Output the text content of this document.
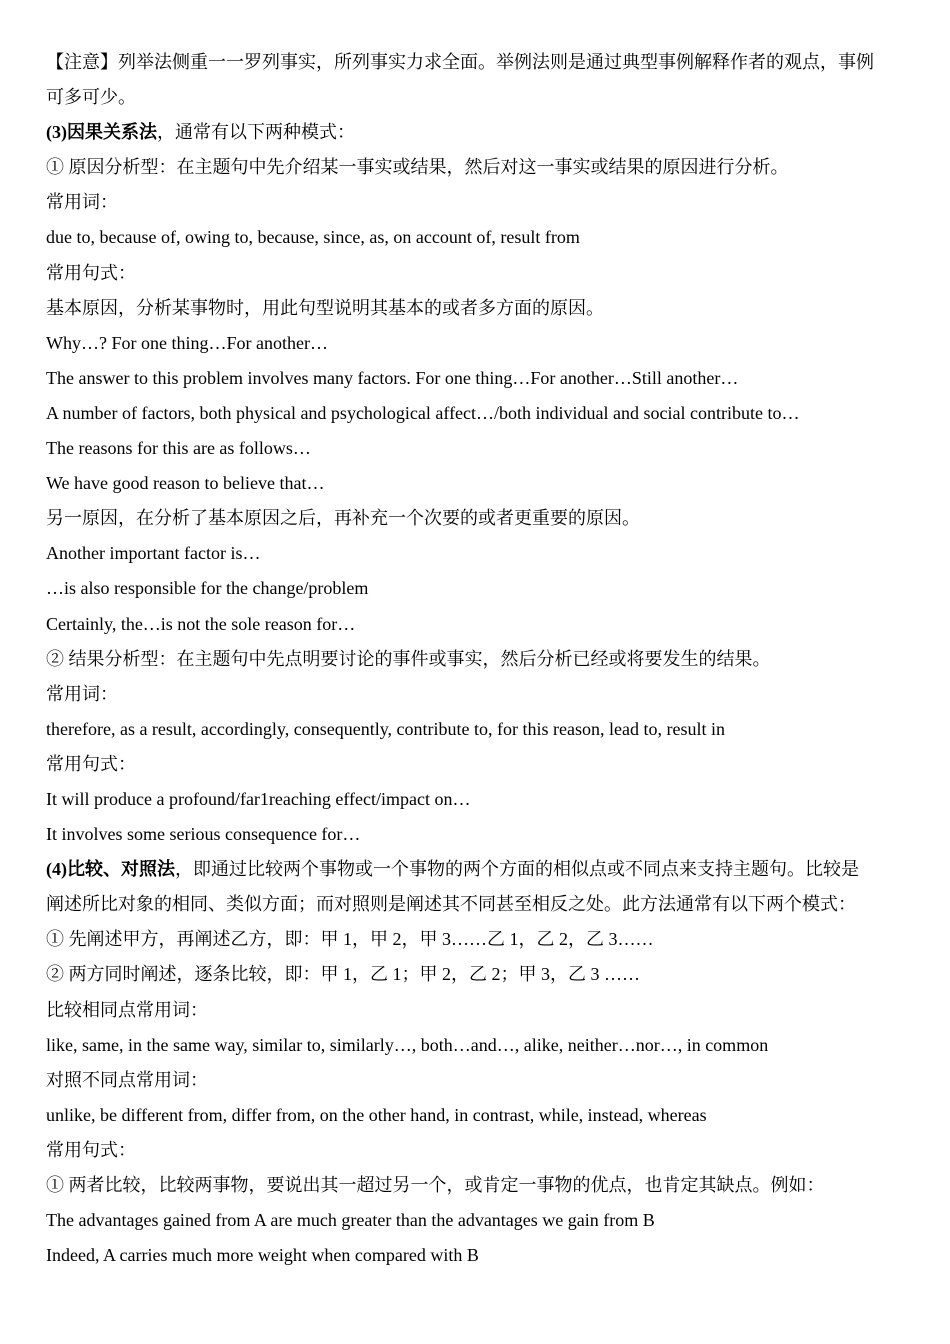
【注意】列举法侧重一一罗列事实，所列事实力求全面。举例法则是通过典型事例解释作者的观点，事例
可多可少。
(3)因果关系法，通常有以下两种模式：
① 原因分析型：在主题句中先介绍某一事实或结果，然后对这一事实或结果的原因进行分析。
常用词：
due to, because of, owing to, because, since, as, on account of, result from
常用句式：
基本原因，分析某事物时，用此句型说明其基本的或者多方面的原因。
Why…? For one thing…For another…
The answer to this problem involves many factors. For one thing…For another…Still another…
A number of factors, both physical and psychological affect…/both individual and social contribute to…
The reasons for this are as follows…
We have good reason to believe that…
另一原因，在分析了基本原因之后，再补充一个次要的或者更重要的原因。
Another important factor is…
…is also responsible for the change/problem
Certainly, the…is not the sole reason for…
② 结果分析型：在主题句中先点明要讨论的事件或事实，然后分析已经或将要发生的结果。
常用词：
therefore, as a result, accordingly, consequently, contribute to, for this reason, lead to, result in
常用句式：
It will produce a profound/far1reaching effect/impact on…
It involves some serious consequence for…
(4)比较、对照法，即通过比较两个事物或一个事物的两个方面的相似点或不同点来支持主题句。比较是
阐述所比对象的相同、类似方面；而对照则是阐述其不同甚至相反之处。此方法通常有以下两个模式：
① 先阐述甲方，再阐述乙方，即：甲 1，甲 2，甲 3……乙 1，乙 2，乙 3……
② 两方同时阐述，逐条比较，即：甲 1，乙 1；甲 2，乙 2；甲 3，乙 3 ……
比较相同点常用词：
like, same, in the same way, similar to, similarly…, both…and…, alike, neither…nor…, in common
对照不同点常用词：
unlike, be different from, differ from, on the other hand, in contrast, while, instead, whereas
常用句式：
① 两者比较，比较两事物，要说出其一超过另一个，或肯定一事物的优点，也肯定其缺点。例如：
The advantages gained from A are much greater than the advantages we gain from B
Indeed, A carries much more weight when compared with B
